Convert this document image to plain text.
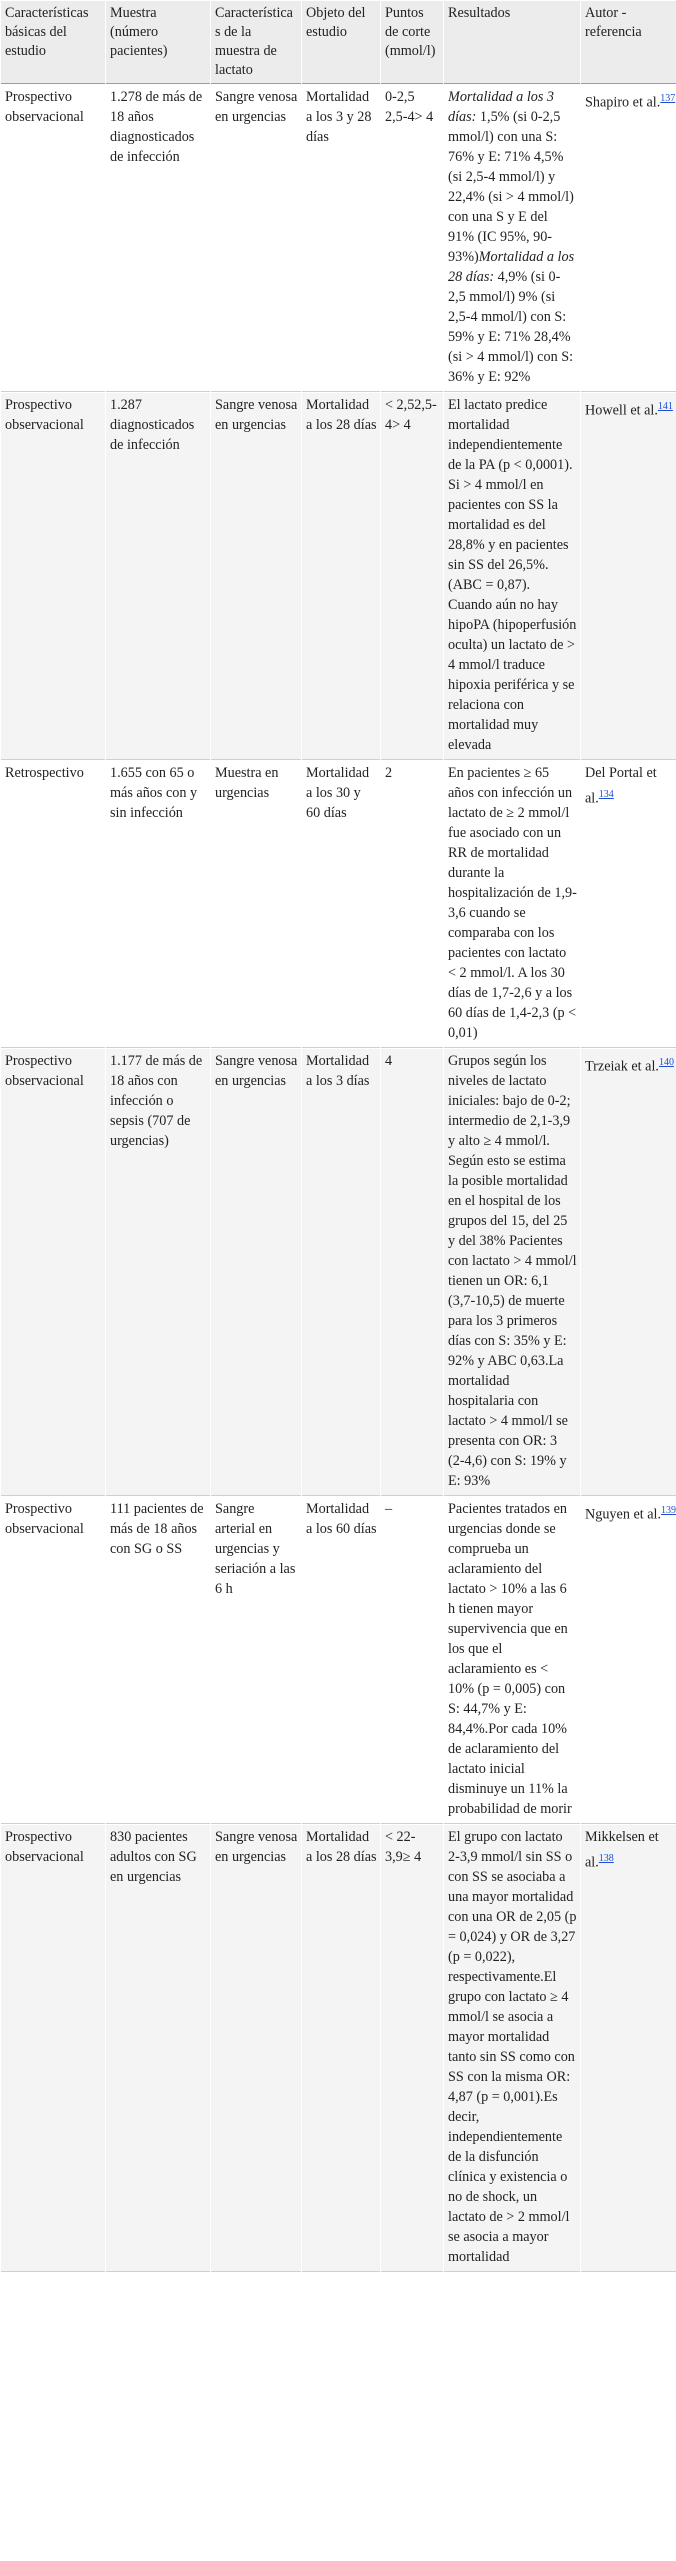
Características básicas del estudio	Muestra (número pacientes)	Características de la muestra de lactato	Objeto del estudio	Puntos de corte (mmol/l)	Resultados	Autor - referencia
Prospectivo observacional	1.278 de más de 18 años diagnosticados de infección	Sangre venosa en urgencias	Mortalidad a los 3 y 28 días	0-2,5 2,5-4> 4	Mortalidad a los 3 días: 1,5% (si 0-2,5 mmol/l) con una S: 76% y E: 71% 4,5% (si 2,5-4 mmol/l) y 22,4% (si > 4 mmol/l) con una S y E del 91% (IC 95%, 90-93%)Mortalidad a los 28 días: 4,9% (si 0-2,5 mmol/l) 9% (si 2,5-4 mmol/l) con S: 59% y E: 71% 28,4% (si > 4 mmol/l) con S: 36% y E: 92%	Shapiro et al.$^{137}$
Prospectivo observacional	1.287 diagnosticados de infección	Sangre venosa en urgencias	Mortalidad a los 28 días	< 2,52,5-4> 4	El lactato predice mortalidad independientemente de la PA (p < 0,0001). Si > 4 mmol/l en pacientes con SS la mortalidad es del 28,8% y en pacientes sin SS del 26,5%. (ABC = 0,87). Cuando aún no hay hipoPA (hipoperfusión oculta) un lactato de > 4 mmol/l traduce hipoxia periférica y se relaciona con mortalidad muy elevada	Howell et al.$^{141}$
Retrospectivo	1.655 con 65 o más años con y sin infección	Muestra en urgencias	Mortalidad a los 30 y 60 días	2	En pacientes ≥ 65 años con infección un lactato de ≥ 2 mmol/l fue asociado con un RR de mortalidad durante la hospitalización de 1,9-3,6 cuando se comparaba con los pacientes con lactato < 2 mmol/l. A los 30 días de 1,7-2,6 y a los 60 días de 1,4-2,3 (p < 0,01)	Del Portal et al.$^{134}$
Prospectivo observacional	1.177 de más de 18 años con infección o sepsis (707 de urgencias)	Sangre venosa en urgencias	Mortalidad a los 3 días	4	Grupos según los niveles de lactato iniciales: bajo de 0-2; intermedio de 2,1-3,9 y alto ≥ 4 mmol/l. Según esto se estima la posible mortalidad en el hospital de los grupos del 15, del 25 y del 38% Pacientes con lactato > 4 mmol/l tienen un OR: 6,1 (3,7-10,5) de muerte para los 3 primeros días con S: 35% y E: 92% y ABC 0,63.La mortalidad hospitalaria con lactato > 4 mmol/l se presenta con OR: 3 (2-4,6) con S: 19% y E: 93%	Trzeiak et al.$^{140}$
Prospectivo observacional	111 pacientes de más de 18 años con SG o SS	Sangre arterial en urgencias y seriación a las 6 h	Mortalidad a los 60 días	–	Pacientes tratados en urgencias donde se comprueba un aclaramiento del lactato > 10% a las 6 h tienen mayor supervivencia que en los que el aclaramiento es < 10% (p = 0,005) con S: 44,7% y E: 84,4%.Por cada 10% de aclaramiento del lactato inicial disminuye un 11% la probabilidad de morir	Nguyen et al.$^{139}$
Prospectivo observacional	830 pacientes adultos con SG en urgencias	Sangre venosa en urgencias	Mortalidad a los 28 días	< 22-3,9≥ 4	El grupo con lactato 2-3,9 mmol/l sin SS o con SS se asociaba a una mayor mortalidad con una OR de 2,05 (p = 0,024) y OR de 3,27 (p = 0,022), respectivamente.El grupo con lactato ≥ 4 mmol/l se asocia a mayor mortalidad tanto sin SS como con SS con la misma OR: 4,87 (p = 0,001).Es decir, independientemente de la disfunción clínica y existencia o no de shock, un lactato de > 2 mmol/l se asocia a mayor mortalidad	Mikkelsen et al.$^{138}$
